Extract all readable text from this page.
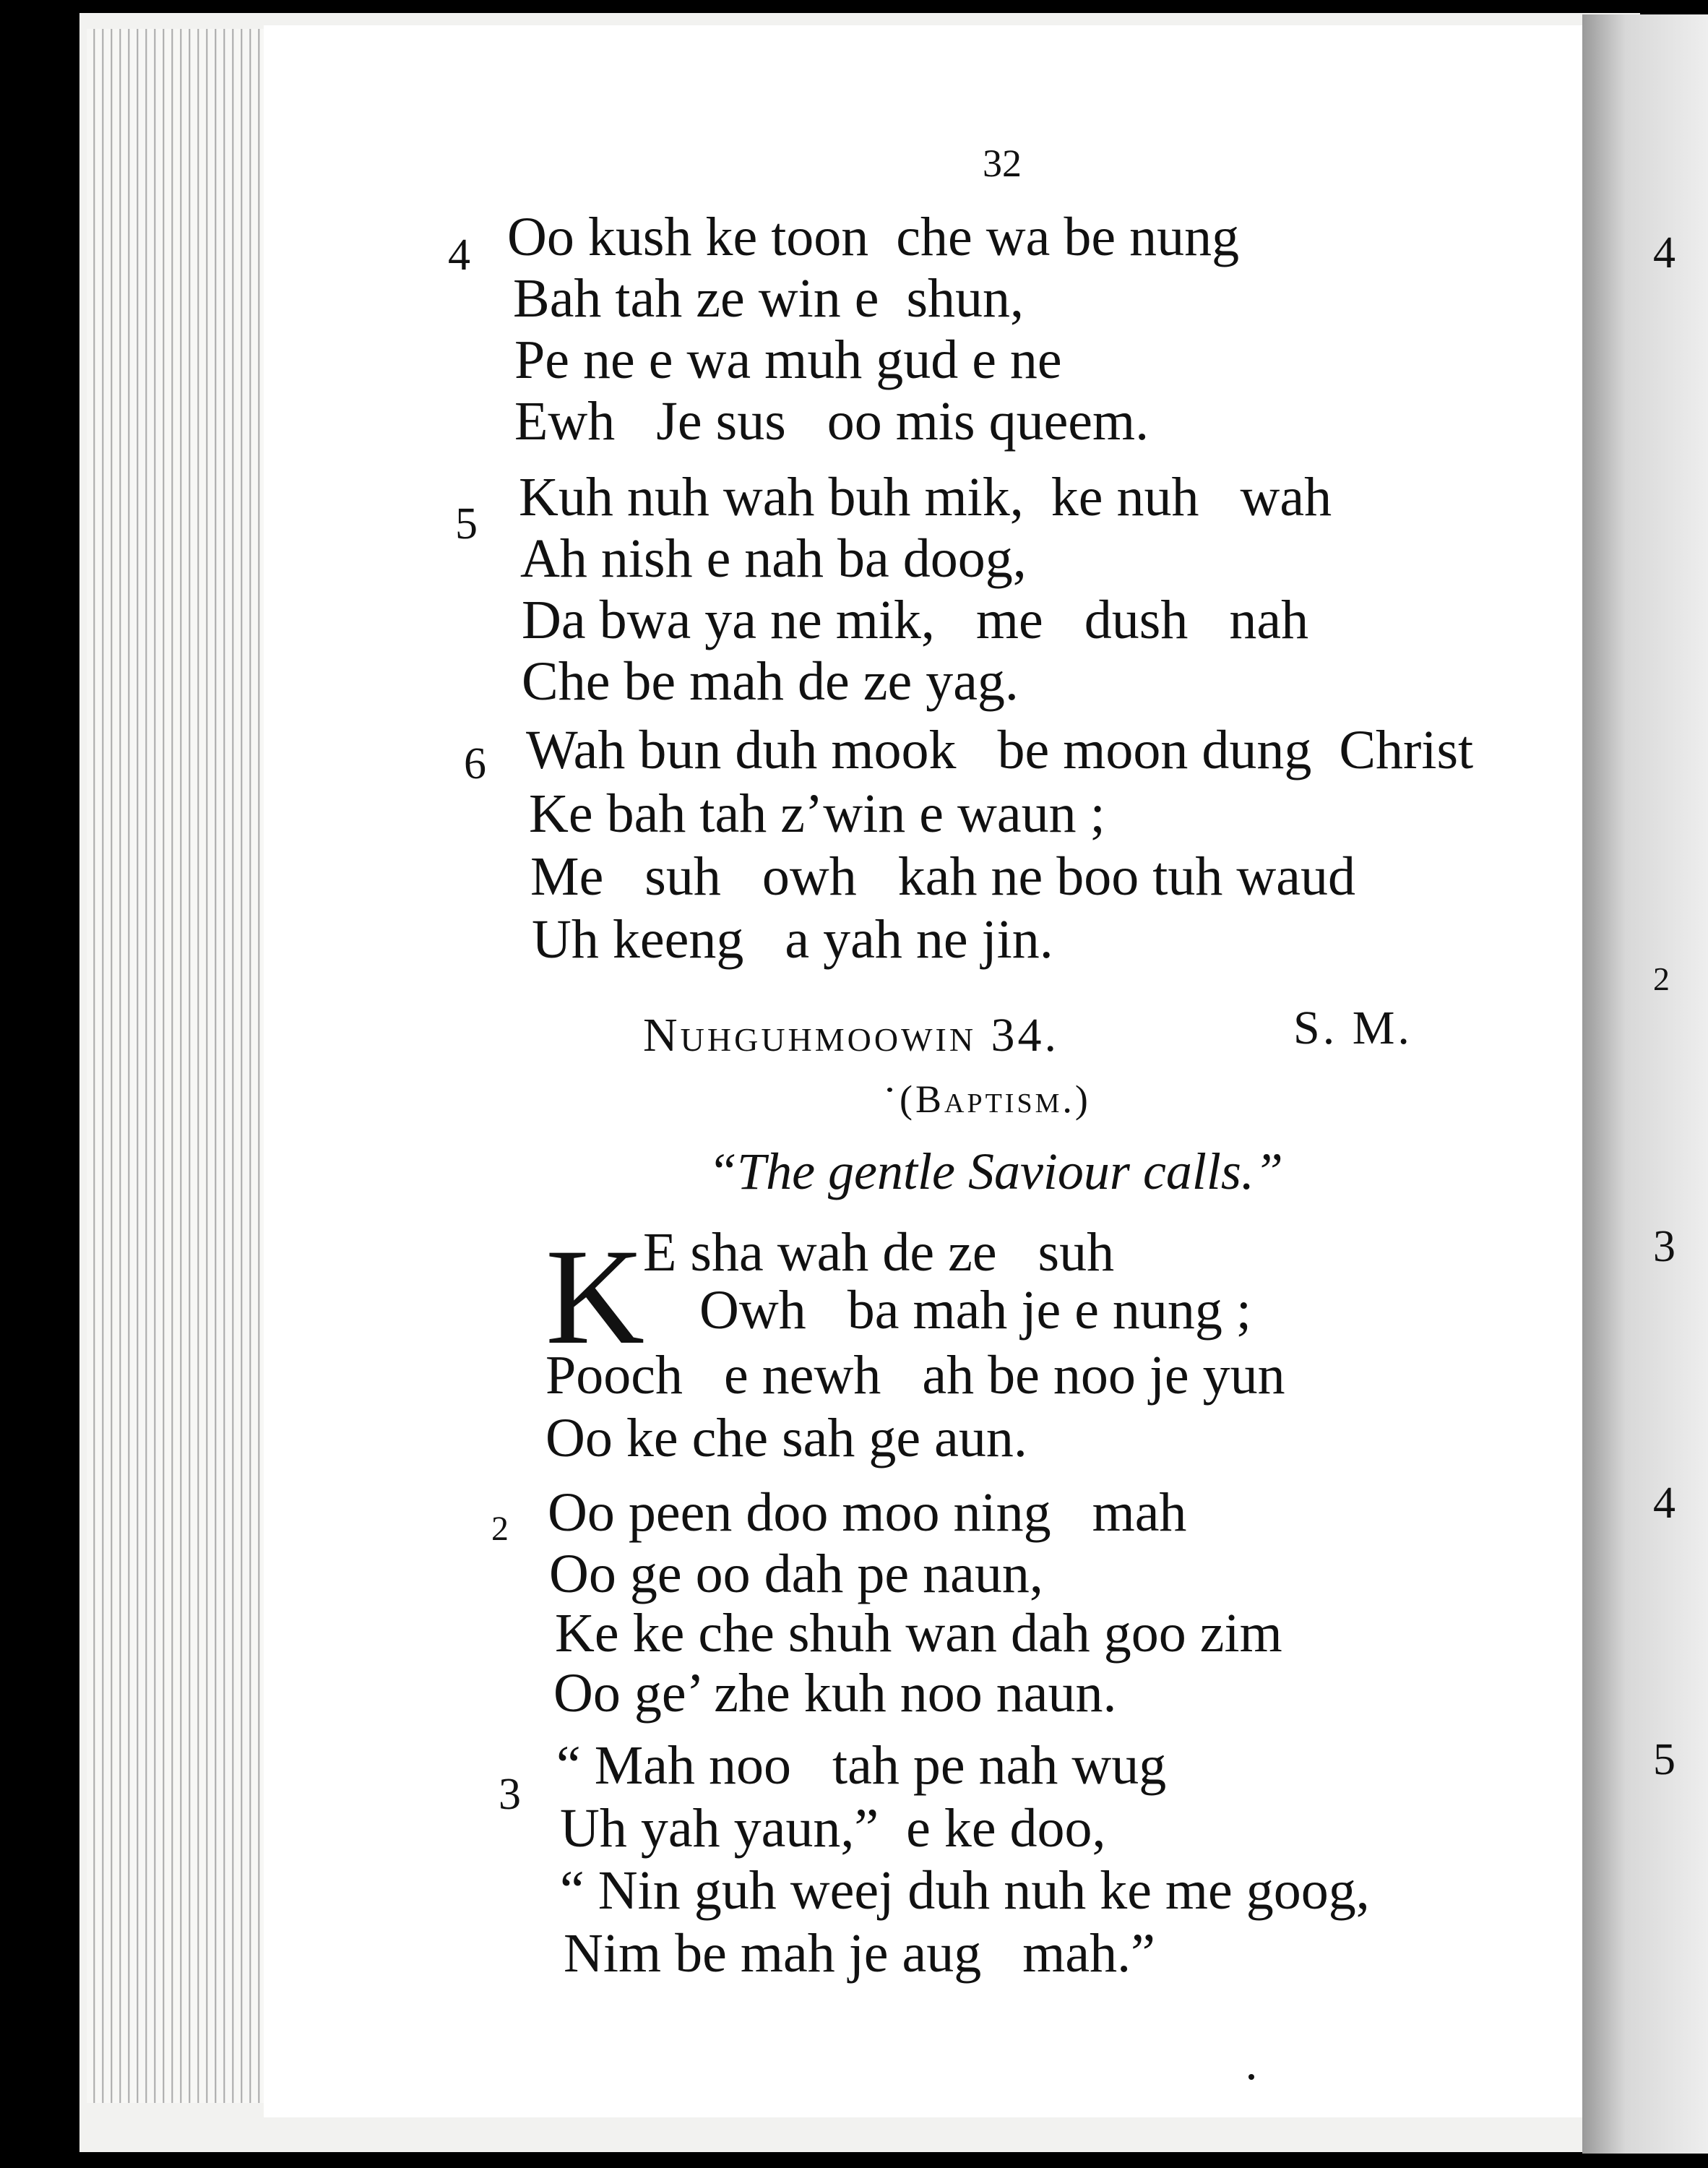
4
2
3
4
5
32
4 Oo kush ke toon  che wa be nung
Bah tah ze win e  shun,
Pe ne e wa muh gud e ne
Ewh   Je sus   oo mis queem.
5 Kuh nuh wah buh mik,  ke nuh   wah
Ah nish e nah ba doog,
Da bwa ya ne mik,   me   dush   nah
Che be mah de ze yag.
6 Wah bun duh mook   be moon dung  Christ
Ke bah tah z’win e waun ;
Me   suh   owh   kah ne boo tuh waud
Uh keeng   a yah ne jin.
Nuhguhmoowin 34.	S. M.
(Baptism.)
“The gentle Saviour calls.”
K
E sha wah de ze   suh
Owh   ba mah je e nung ;
Pooch   e newh   ah be noo je yun
Oo ke che sah ge aun.
2 Oo peen doo moo ning   mah
Oo ge oo dah pe naun,
Ke ke che shuh wan dah goo zim
Oo ge’ zhe kuh noo naun.
3 “ Mah noo   tah pe nah wug
Uh yah yaun,”  e ke doo,
“ Nin guh weej duh nuh ke me goog,
Nim be mah je aug   mah.”
